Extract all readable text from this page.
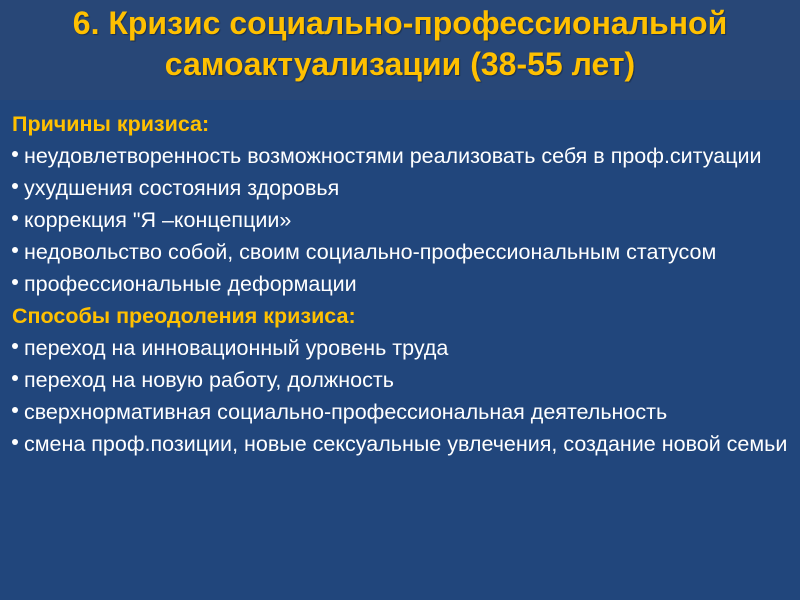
6. Кризис социально-профессиональной
самоактуализации (38-55 лет)
Причины кризиса:
неудовлетворенность возможностями реализовать себя в проф.ситуации
ухудшения состояния здоровья
коррекция "Я –концепции»
недовольство собой, своим социально-профессиональным статусом
профессиональные деформации
Способы преодоления кризиса:
переход на инновационный уровень труда
переход на новую работу, должность
сверхнормативная социально-профессиональная деятельность
смена проф.позиции, новые сексуальные увлечения, создание новой семьи
